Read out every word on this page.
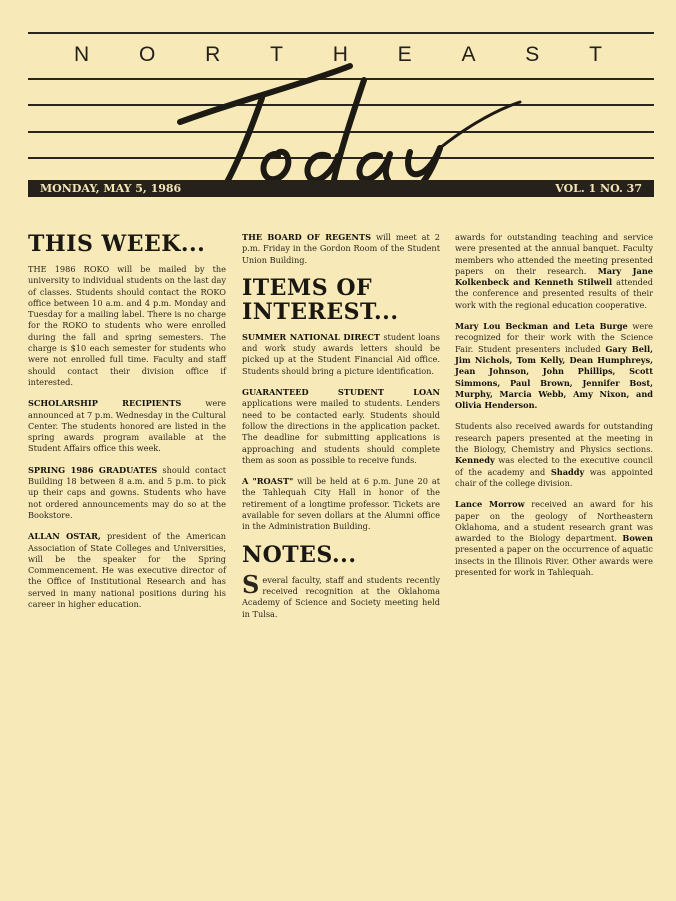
N O R T H E A S T
MONDAY, MAY 5, 1986	VOL. 1 NO. 37
THIS WEEK...

THE 1986 ROKO will be mailed by the university to individual students on the last day of classes. Students should contact the ROKO office between 10 a.m. and 4 p.m. Monday and Tuesday for a mailing label. There is no charge for the ROKO to students who were enrolled during the fall and spring semesters. The charge is $10 each semester for students who were not enrolled full time. Faculty and staff should contact their division office if interested.

SCHOLARSHIP RECIPIENTS	were announced at 7 p.m. Wednesday in the Cultural Center. The students honored are listed in the spring awards program available at the Student Affairs office this week.

SPRING 1986 GRADUATES should contact Building 18 between 8 a.m. and 5 p.m. to pick up their caps and gowns. Students who have not ordered announcements may do so at the Bookstore.

ALLAN OSTAR, president of the American Association of State Colleges and Universities, will be the speaker for the Spring Commencement. He was executive director of the Office of Institutional Research and has served in many national positions during his career in higher education.

THE BOARD OF REGENTS will meet at 2 p.m. Friday in the Gordon Room of the Student Union Building.

ITEMS OF INTEREST...

SUMMER NATIONAL DIRECT student loans and work study awards letters should be picked up at the Student Financial Aid office. Students should bring a picture identification.

GUARANTEED STUDENT LOAN applications were mailed to students. Lenders need to be contacted early. Students should follow the directions in the application packet. The deadline for submitting applications is approaching and students should complete them as soon as possible to receive funds.

A "ROAST" will be held at 6 p.m. June 20 at the Tahlequah City Hall in honor of the retirement of a longtime professor. Tickets are available for seven dollars at the Alumni office in the Administration Building.

NOTES...

Several faculty, staff and students recently received recognition at the Oklahoma Academy of Science and Society meeting held in Tulsa.

awards for outstanding teaching and service were presented at the annual banquet. Faculty members who attended the meeting presented papers on their research. Mary Jane Kolkenbeck and Kenneth Stilwell attended the conference and presented results of their work with the regional education cooperative.

Mary Lou Beckman and Leta Burge were recognized for their work with the Science Fair. Student presenters included Gary Bell, Jim Nichols, Tom Kelly, Dean Humphreys, Jean Johnson, John Phillips, Scott Simmons, Paul Brown, Jennifer Bost, Murphy, Marcia Webb, Amy Nixon, and Olivia Henderson.

Students also received awards for outstanding research papers presented at the meeting in the Biology, Chemistry and Physics sections. Kennedy was elected to the executive council of the academy and Shaddy was appointed chair of the college division.

Lance Morrow received an award for his paper on the geology of Northeastern Oklahoma, and a student research grant was awarded to the Biology department. Bowen presented a paper on the occurrence of aquatic insects in the Illinois River. Other awards were presented for work in Tahlequah.
